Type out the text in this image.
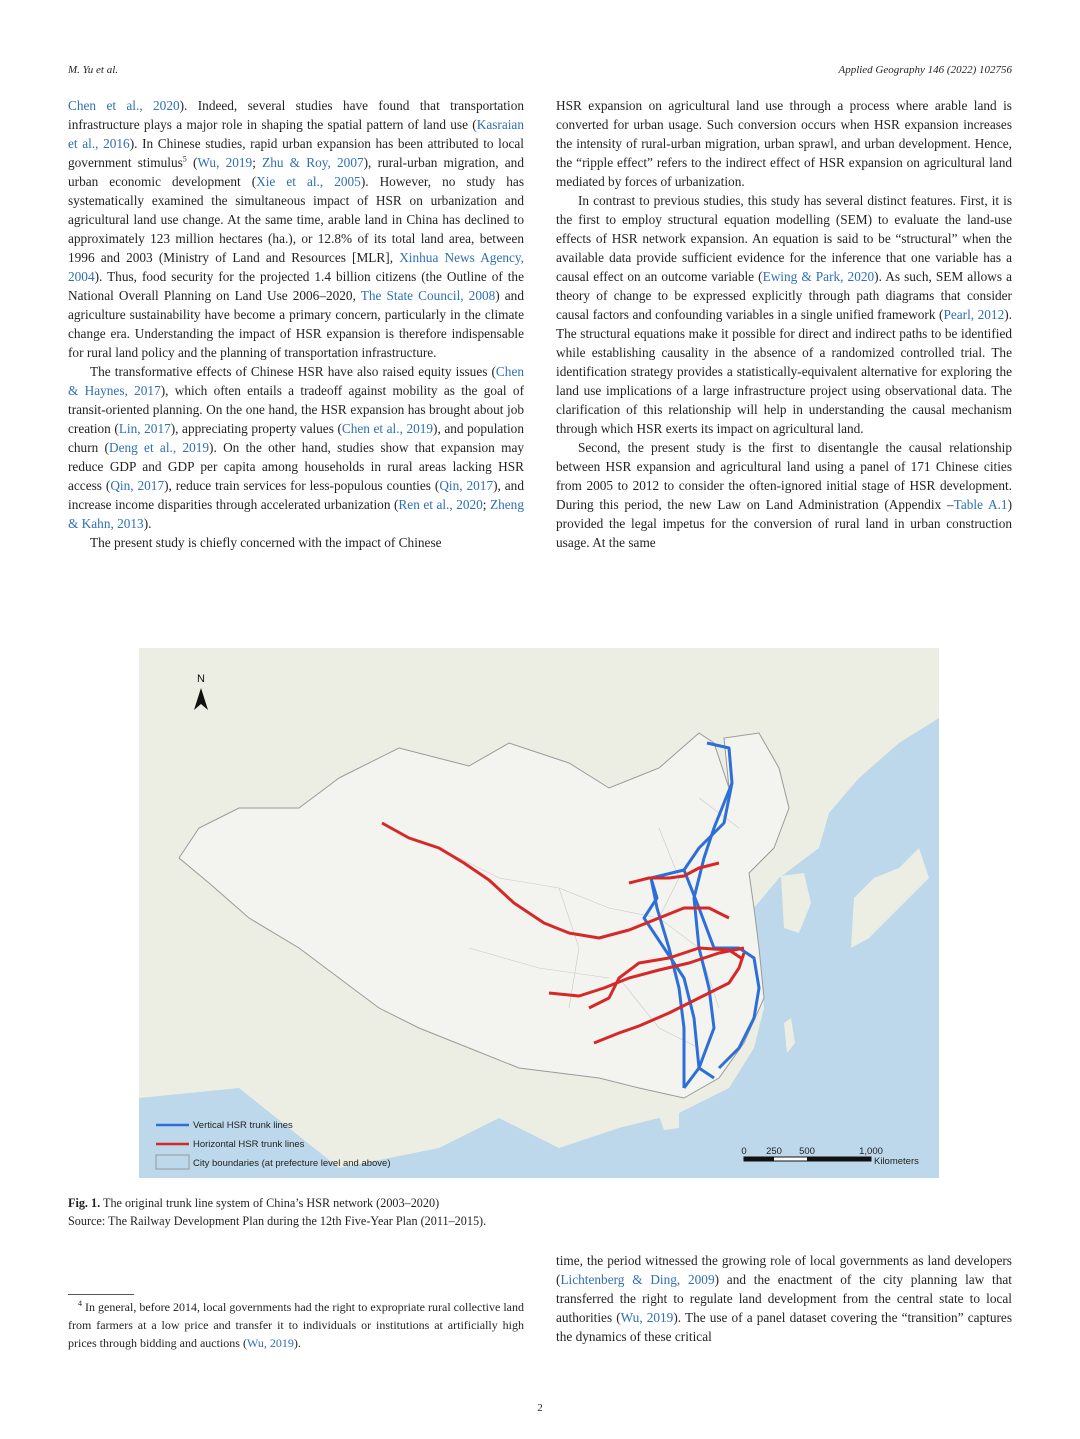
M. Yu et al.	Applied Geography 146 (2022) 102756

Chen et al., 2020). Indeed, several studies have found that transportation infrastructure plays a major role in shaping the spatial pattern of land use (Kasraian et al., 2016). In Chinese studies, rapid urban expansion has been attributed to local government stimulus$^5$ (Wu, 2019; Zhu & Roy, 2007), rural-urban migration, and urban economic development (Xie et al., 2005). However, no study has systematically examined the simultaneous impact of HSR on urbanization and agricultural land use change. At the same time, arable land in China has declined to approximately 123 million hectares (ha.), or 12.8% of its total land area, between 1996 and 2003 (Ministry of Land and Resources [MLR], Xinhua News Agency, 2004). Thus, food security for the projected 1.4 billion citizens (the Outline of the National Overall Planning on Land Use 2006–2020, The State Council, 2008) and agriculture sustainability have become a primary concern, particularly in the climate change era. Understanding the impact of HSR expansion is therefore indispensable for rural land policy and the planning of transportation infrastructure.

The transformative effects of Chinese HSR have also raised equity issues (Chen & Haynes, 2017), which often entails a tradeoff against mobility as the goal of transit-oriented planning. On the one hand, the HSR expansion has brought about job creation (Lin, 2017), appreciating property values (Chen et al., 2019), and population churn (Deng et al., 2019). On the other hand, studies show that expansion may reduce GDP and GDP per capita among households in rural areas lacking HSR access (Qin, 2017), reduce train services for less-populous counties (Qin, 2017), and increase income disparities through accelerated urbanization (Ren et al., 2020; Zheng & Kahn, 2013).

The present study is chiefly concerned with the impact of Chinese

HSR expansion on agricultural land use through a process where arable land is converted for urban usage. Such conversion occurs when HSR expansion increases the intensity of rural-urban migration, urban sprawl, and urban development. Hence, the “ripple effect” refers to the indirect effect of HSR expansion on agricultural land mediated by forces of urbanization.

In contrast to previous studies, this study has several distinct features. First, it is the first to employ structural equation modelling (SEM) to evaluate the land-use effects of HSR network expansion. An equation is said to be “structural” when the available data provide sufficient evidence for the inference that one variable has a causal effect on an outcome variable (Ewing & Park, 2020). As such, SEM allows a theory of change to be expressed explicitly through path diagrams that consider causal factors and confounding variables in a single unified framework (Pearl, 2012). The structural equations make it possible for direct and indirect paths to be identified while establishing causality in the absence of a randomized controlled trial. The identification strategy provides a statistically-equivalent alternative for exploring the land use implications of a large infrastructure project using observational data. The clarification of this relationship will help in understanding the causal mechanism through which HSR exerts its impact on agricultural land.

Second, the present study is the first to disentangle the causal relationship between HSR expansion and agricultural land using a panel of 171 Chinese cities from 2005 to 2012 to consider the often-ignored initial stage of HSR development. During this period, the new Law on Land Administration (Appendix –Table A.1) provided the legal impetus for the conversion of rural land in urban construction usage. At the same

N
Vertical HSR trunk lines
Horizontal HSR trunk lines
City boundaries (at prefecture level and above)
0 250 500	1,000
Kilometers
Fig. 1. The original trunk line system of China’s HSR network (2003–2020)
Source: The Railway Development Plan during the 12th Five-Year Plan (2011–2015).

time, the period witnessed the growing role of local governments as land developers (Lichtenberg & Ding, 2009) and the enactment of the city planning law that transferred the right to regulate land development from the central state to local authorities (Wu, 2019). The use of a panel dataset covering the “transition” captures the dynamics of these critical

$^4$ In general, before 2014, local governments had the right to expropriate rural collective land from farmers at a low price and transfer it to individuals or institutions at artificially high prices through bidding and auctions (Wu, 2019).
2
